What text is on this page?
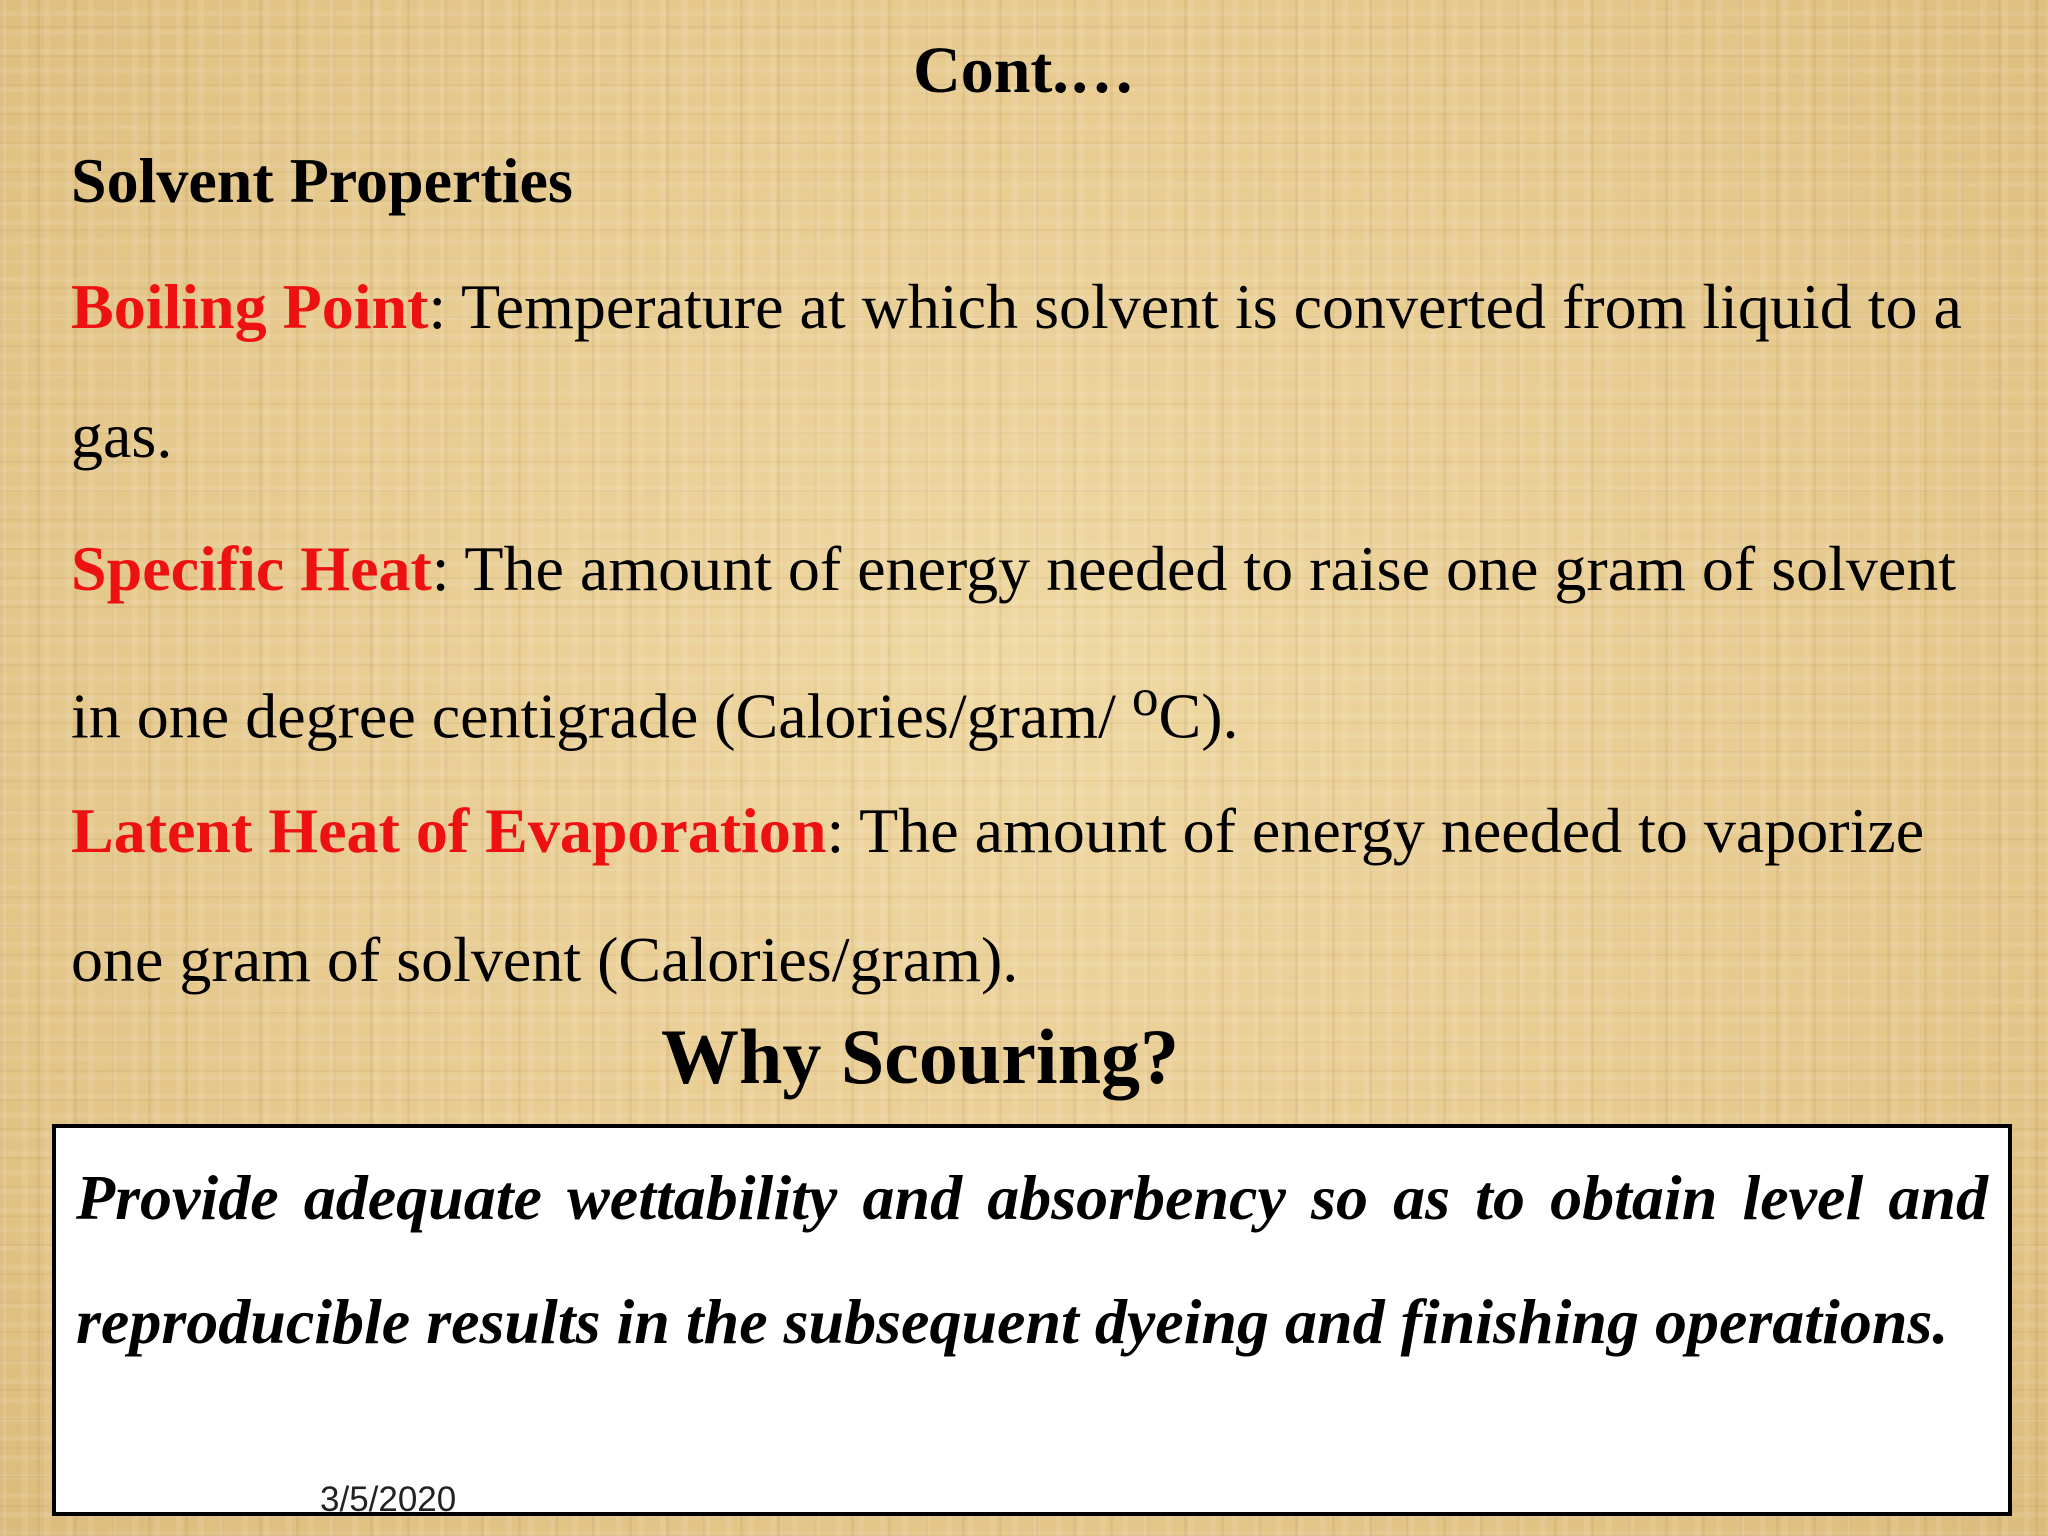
Cont.…
Solvent Properties

Boiling Point: Temperature at which solvent is converted from liquid to a gas.

Specific Heat: The amount of energy needed to raise one gram of solvent in one degree centigrade (Calories/gram/ $^o$C).

Latent Heat of Evaporation: The amount of energy needed to vaporize one gram of solvent (Calories/gram).

Why Scouring?

Provide adequate wettability and absorbency so as to obtain level and reproducible results in the subsequent dyeing and finishing operations.

3/5/2020
